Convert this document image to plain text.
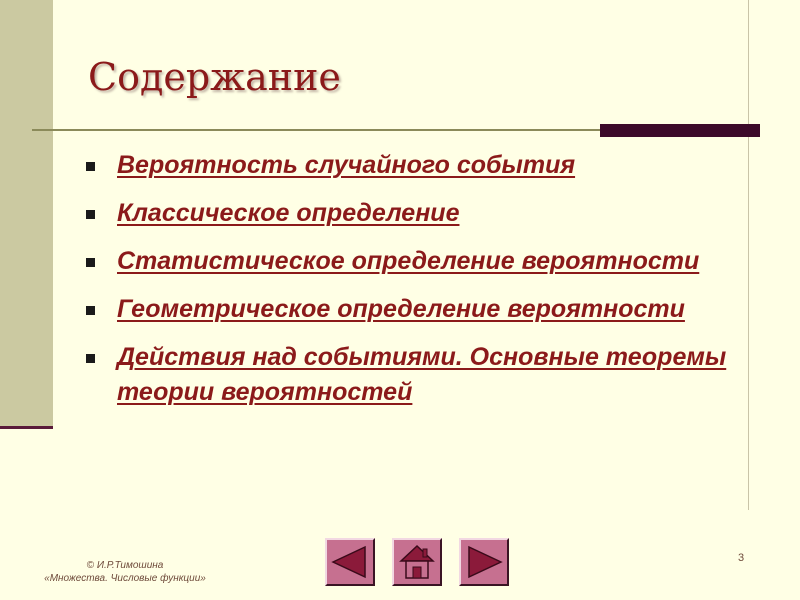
Содержание
Вероятность случайного события
Классическое определение
Статистическое определение вероятности
Геометрическое определение вероятности
Действия над событиями. Основные теоремы теории вероятностей
© И.Р.Тимошина
«Множества. Числовые функции»
3
